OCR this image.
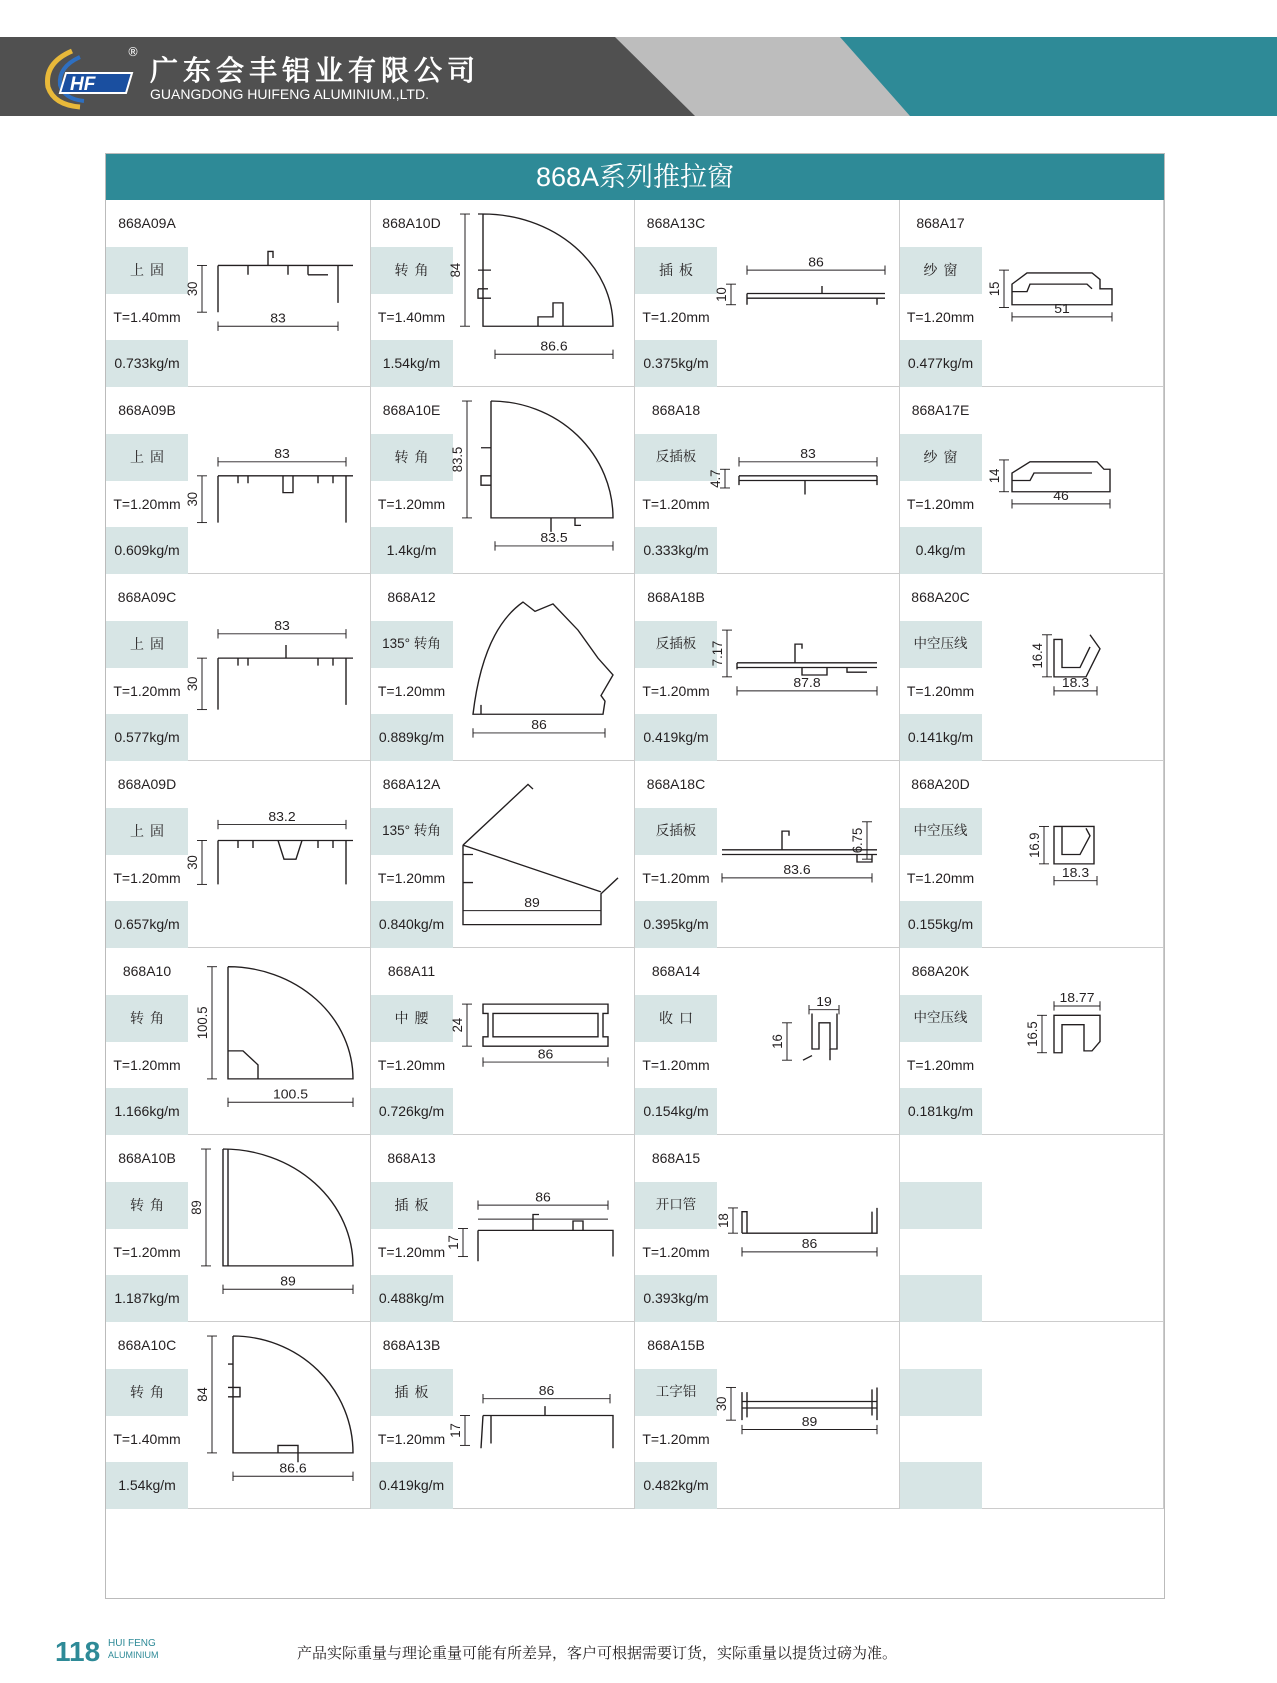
HF
®
广东会丰铝业有限公司
GUANGDONG HUIFENG ALUMINIUM.,LTD.
868A系列推拉窗
868A09A
上固
T=1.40mm
0.733kg/m
30
83
868A09B
上固
T=1.20mm
0.609kg/m
83
30
868A09C
上固
T=1.20mm
0.577kg/m
83
30
868A09D
上固
T=1.20mm
0.657kg/m
83.2
30
868A10
转角
T=1.20mm
1.166kg/m
100.5
100.5
868A10B
转角
T=1.20mm
1.187kg/m
89
89
868A10C
转角
T=1.40mm
1.54kg/m
84
86.6
868A10D
转角
T=1.40mm
1.54kg/m
84
86.6
868A10E
转角
T=1.20mm
1.4kg/m
83.5
83.5
868A12
135° 转角
T=1.20mm
0.889kg/m
86
868A12A
135° 转角
T=1.20mm
0.840kg/m
89
868A11
中腰
T=1.20mm
0.726kg/m
24
86
868A13
插板
T=1.20mm
0.488kg/m
86
17
868A13B
插板
T=1.20mm
0.419kg/m
86
17
868A13C
插板
T=1.20mm
0.375kg/m
86
10
868A18
反插板
T=1.20mm
0.333kg/m
83
4.7
868A18B
反插板
T=1.20mm
0.419kg/m
7.17
87.8
868A18C
反插板
T=1.20mm
0.395kg/m
6.75
83.6
868A14
收口
T=1.20mm
0.154kg/m
19
16
868A15
开口管
T=1.20mm
0.393kg/m
86
18
868A15B
工字铝
T=1.20mm
0.482kg/m
30
89
868A17
纱窗
T=1.20mm
0.477kg/m
15
51
868A17E
纱窗
T=1.20mm
0.4kg/m
14
46
868A20C
中空压线
T=1.20mm
0.141kg/m
16.4
18.3
868A20D
中空压线
T=1.20mm
0.155kg/m
16.9
18.3
868A20K
中空压线
T=1.20mm
0.181kg/m
18.77
16.5
118 HUI FENG
ALUMINIUM	产品实际重量与理论重量可能有所差异，客户可根据需要订货，实际重量以提货过磅为准。
